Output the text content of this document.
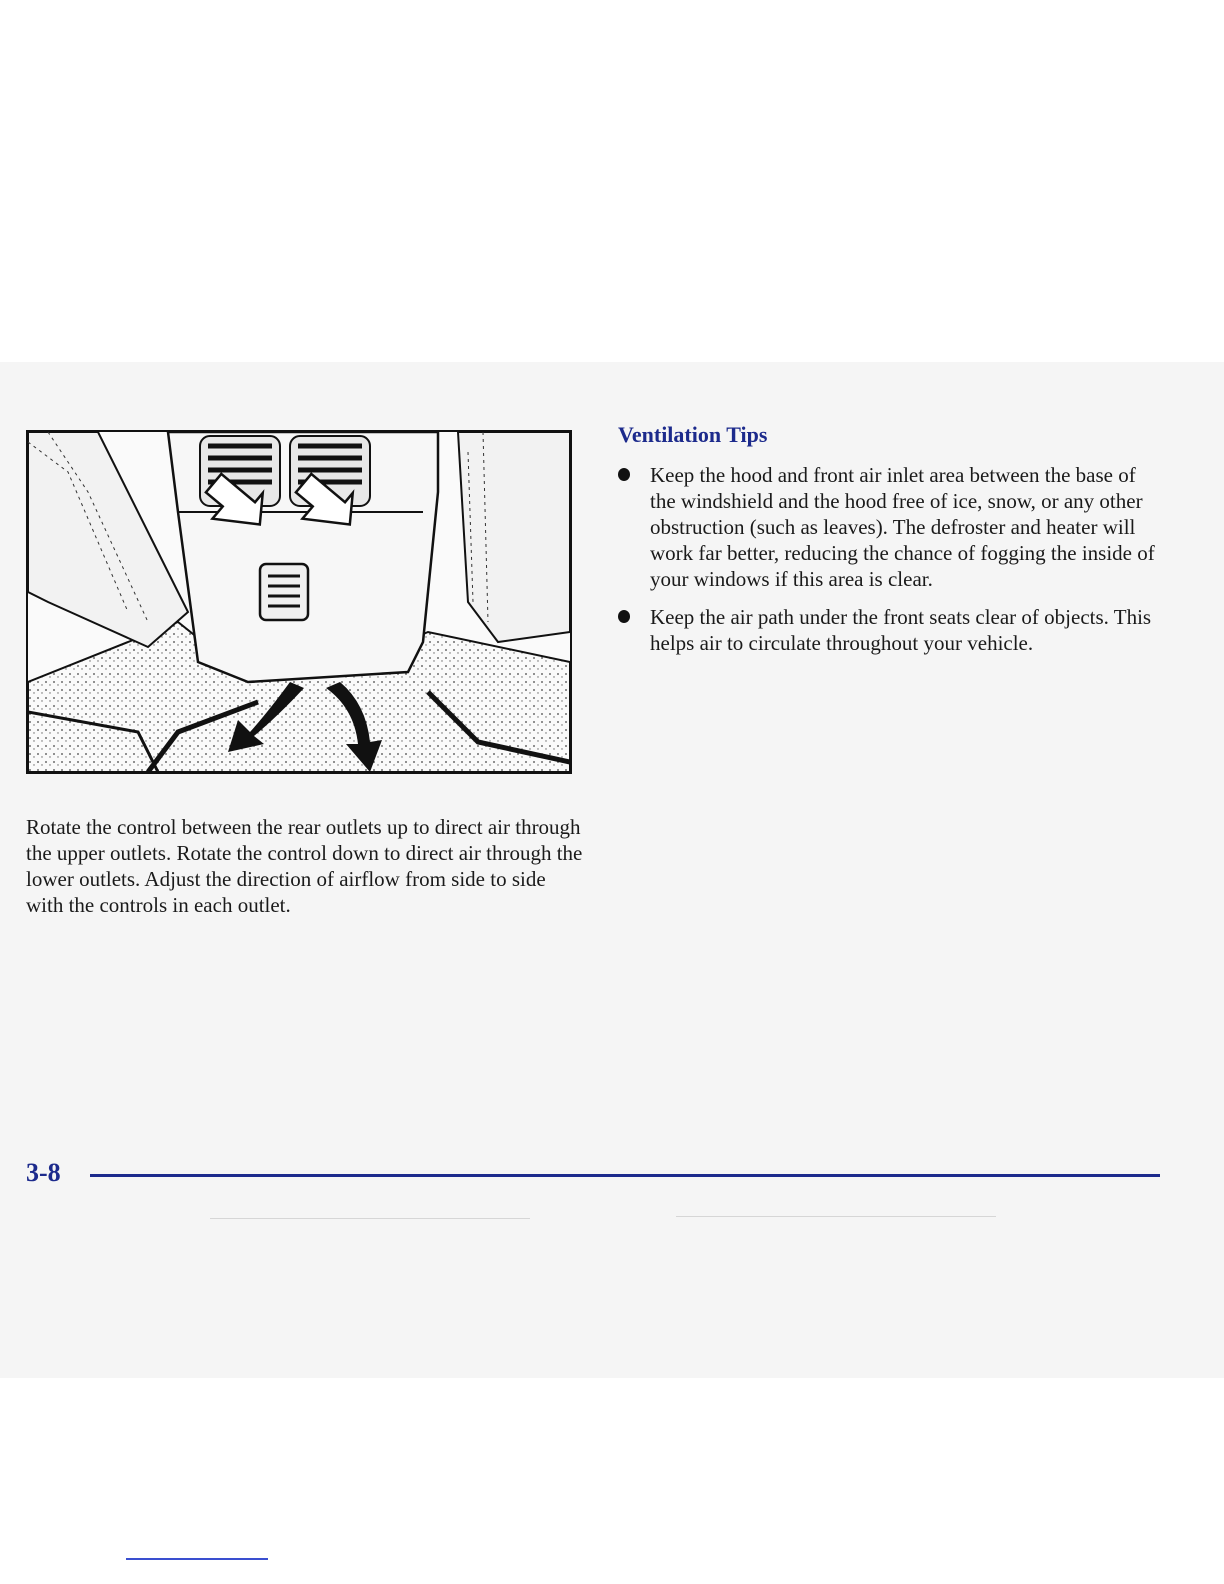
Rotate the control between the rear outlets up to direct air through the upper outlets. Rotate the control down to direct air through the lower outlets. Adjust the direction of airflow from side to side with the controls in each outlet.
Ventilation Tips
Keep the hood and front air inlet area between the base of the windshield and the hood free of ice, snow, or any other obstruction (such as leaves). The defroster and heater will work far better, reducing the chance of fogging the inside of your windows if this area is clear.
Keep the air path under the front seats clear of objects. This helps air to circulate throughout your vehicle.
3-8
